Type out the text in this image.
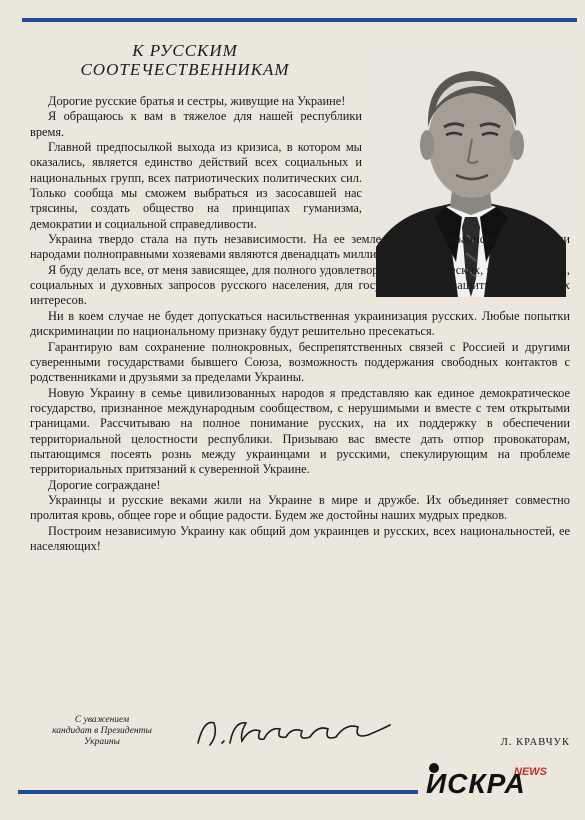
К РУССКИМ
СООТЕЧЕСТВЕННИКАМ

Дорогие русские братья и сестры, живущие на Украине!

Я обращаюсь к вам в тяжелое для нашей республики время.

Главной предпосылкой выхода из кризиса, в котором мы оказались, является единство действий всех социальных и национальных групп, всех патриотических политических сил. Только сообща мы сможем выбраться из засосавшей нас трясины, создать общество на принципах гуманизма, демократии и социальной справедливости.

Украина твердо стала на путь независимости. На ее земле наряду с украинским и другими народами полноправными хозяевами являются двенадцать миллионов русских.

Я буду делать все, от меня зависящее, для полного удовлетворения политических, экономических, социальных и духовных запросов русского населения, для государственной защиты его законных интересов.

Ни в коем случае не будет допускаться насильственная украинизация русских. Любые попытки дискриминации по национальному признаку будут решительно пресекаться.

Гарантирую вам сохранение полнокровных, беспрепятственных связей с Россией и другими суверенными государствами бывшего Союза, возможность поддержания свободных контактов с родственниками и друзьями за пределами Украины.

Новую Украину в семье цивилизованных народов я представляю как единое демократическое государство, признанное международным сообществом, с нерушимыми и вместе с тем открытыми границами. Рассчитываю на полное понимание русских, на их поддержку в обеспечении территориальной целостности республики. Призываю вас вместе дать отпор провокаторам, пытающимся посеять рознь между украинцами и русскими, спекулирующим на проблеме территориальных притязаний к суверенной Украине.

Дорогие сограждане!

Украинцы и русские веками жили на Украине в мире и дружбе. Их объединяет совместно пролитая кровь, общее горе и общие радости. Будем же достойны наших мудрых предков.

Построим независимую Украину как общий дом украинцев и русских, всех национальностей, ее населяющих!

С уважением
кандидат в Президенты
Украины	Л. КРАВЧУК
NEWS
ИСКРА
